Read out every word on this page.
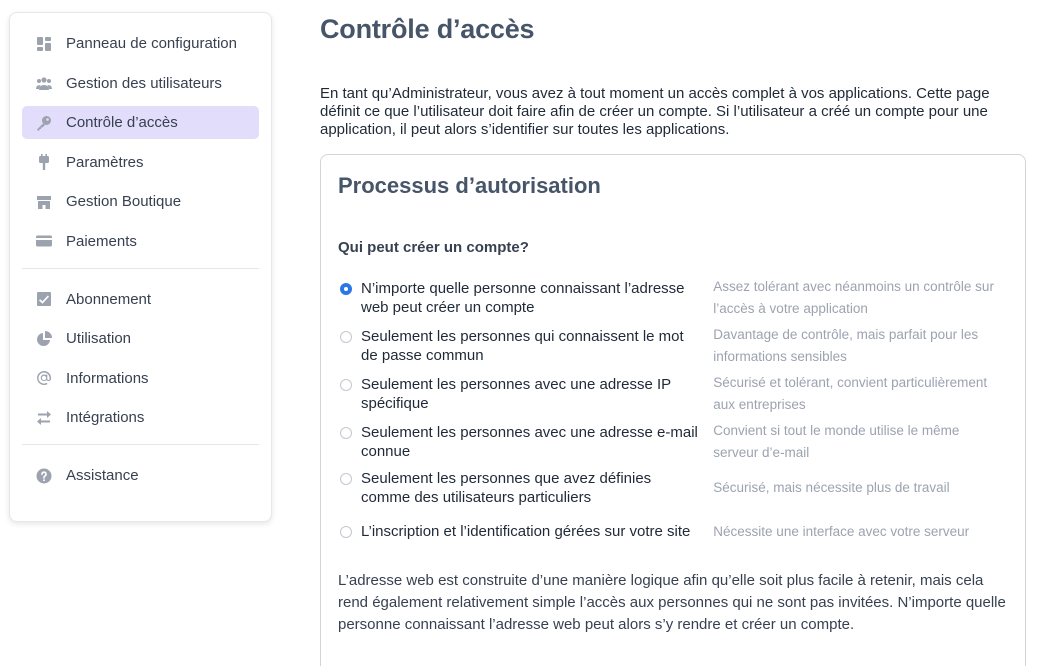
Panneau de configuration
Gestion des utilisateurs
Contrôle d’accès
Paramètres
Gestion Boutique
Paiements
Abonnement
Utilisation
Informations
Intégrations
Assistance
Contrôle d’accès

En tant qu’Administrateur, vous avez à tout moment un accès complet à vos applications. Cette page définit ce que l’utilisateur doit faire afin de créer un compte. Si l’utilisateur a créé un compte pour une application, il peut alors s’identifier sur toutes les applications.

Processus d’autorisation
Qui peut créer un compte?
N’importe quelle personne connaissant l’adresse web peut créer un compte
Assez tolérant avec néanmoins un contrôle sur l’accès à votre application
Seulement les personnes qui connaissent le mot de passe commun
Davantage de contrôle, mais parfait pour les informations sensibles
Seulement les personnes avec une adresse IP spécifique
Sécurisé et tolérant, convient particulièrement aux entreprises
Seulement les personnes avec une adresse e-mail connue
Convient si tout le monde utilise le même serveur d’e-mail
Seulement les personnes que avez définies comme des utilisateurs particuliers
Sécurisé, mais nécessite plus de travail
L’inscription et l’identification gérées sur votre site	Nécessite une interface avec votre serveur

L’adresse web est construite d’une manière logique afin qu’elle soit plus facile à retenir, mais cela rend également relativement simple l’accès aux personnes qui ne sont pas invitées. N’importe quelle personne connaissant l’adresse web peut alors s’y rendre et créer un compte.
